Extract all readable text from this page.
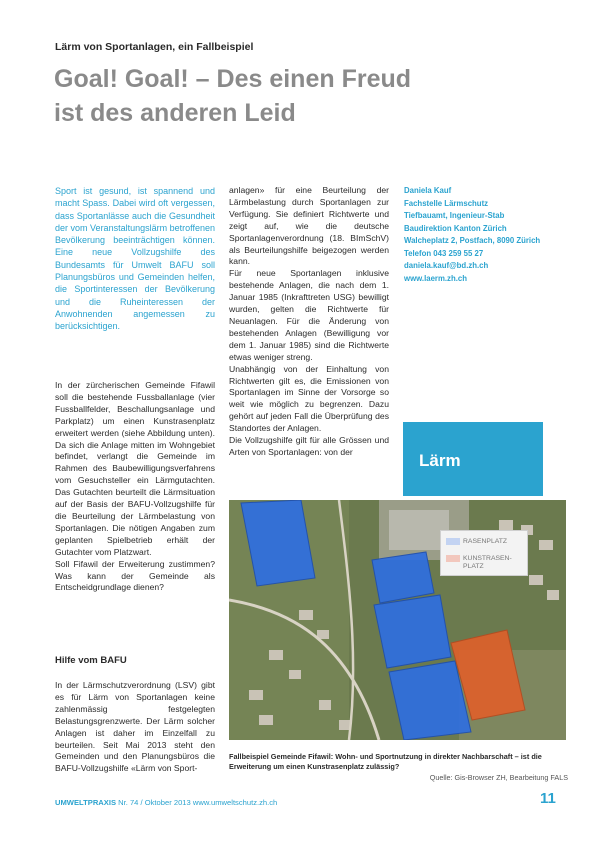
Lärm von Sportanlagen, ein Fallbeispiel
Goal! Goal! – Des einen Freud
ist des anderen Leid
Sport ist gesund, ist spannend und macht Spass. Dabei wird oft vergessen, dass Sportanlässe auch die Gesundheit der vom Veranstaltungslärm betroffenen Bevölkerung beeinträchtigen können. Eine neue Vollzugshilfe des Bundesamts für Umwelt BAFU soll Planungsbüros und Gemeinden helfen, die Sportinteressen der Bevölkerung und die Ruheinteressen der Anwohnenden angemessen zu berücksichtigen.

In der zürcherischen Gemeinde Fifawil soll die bestehende Fussballanlage (vier Fussballfelder, Beschallungsanlage und Parkplatz) um einen Kunstrasenplatz erweitert werden (siehe Abbildung unten). Da sich die Anlage mitten im Wohngebiet befindet, verlangt die Gemeinde im Rahmen des Baubewilligungsverfahrens vom Gesuchsteller ein Lärmgutachten. Das Gutachten beurteilt die Lärmsituation auf der Basis der BAFU-Vollzugshilfe für die Beurteilung der Lärmbelastung von Sportanlagen. Die nötigen Angaben zum geplanten Spielbetrieb erhält der Gutachter vom Platzwart.

Soll Fifawil der Erweiterung zustimmen? Was kann der Gemeinde als Entscheidgrundlage dienen?

Hilfe vom BAFU

In der Lärmschutzverordnung (LSV) gibt es für Lärm von Sportanlagen keine zahlenmässig festgelegten Belastungsgrenzwerte. Der Lärm solcher Anlagen ist daher im Einzelfall zu beurteilen. Seit Mai 2013 steht den Gemeinden und den Planungsbüros die BAFU-Vollzugshilfe «Lärm von Sport-

anlagen» für eine Beurteilung der Lärmbelastung durch Sportanlagen zur Verfügung. Sie definiert Richtwerte und zeigt auf, wie die deutsche Sportanlagenverordnung (18. BImSchV) als Beurteilungshilfe beigezogen werden kann.

Für neue Sportanlagen inklusive bestehende Anlagen, die nach dem 1. Januar 1985 (Inkrafttreten USG) bewilligt wurden, gelten die Richtwerte für Neuanlagen. Für die Änderung von bestehenden Anlagen (Bewilligung vor dem 1. Januar 1985) sind die Richtwerte etwas weniger streng.

Unabhängig von der Einhaltung von Richtwerten gilt es, die Emissionen von Sportanlagen im Sinne der Vorsorge so weit wie möglich zu begrenzen. Dazu gehört auf jeden Fall die Überprüfung des Standortes der Anlagen.

Die Vollzugshilfe gilt für alle Grössen und Arten von Sportanlagen: von der

Daniela Kauf
Fachstelle Lärmschutz
Tiefbauamt, Ingenieur-Stab
Baudirektion Kanton Zürich
Walcheplatz 2, Postfach, 8090 Zürich
Telefon 043 259 55 27
daniela.kauf@bd.zh.ch
www.laerm.zh.ch
Lärm
RASENPLATZ
KUNSTRASEN-
PLATZ
Fallbeispiel Gemeinde Fifawil: Wohn- und Sportnutzung in direkter Nachbarschaft – ist die Erweiterung um einen Kunstrasenplatz zulässig?
Quelle: Gis-Browser ZH, Bearbeitung FALS
UMWELTPRAXIS Nr. 74 / Oktober 2013 www.umweltschutz.zh.ch	11
